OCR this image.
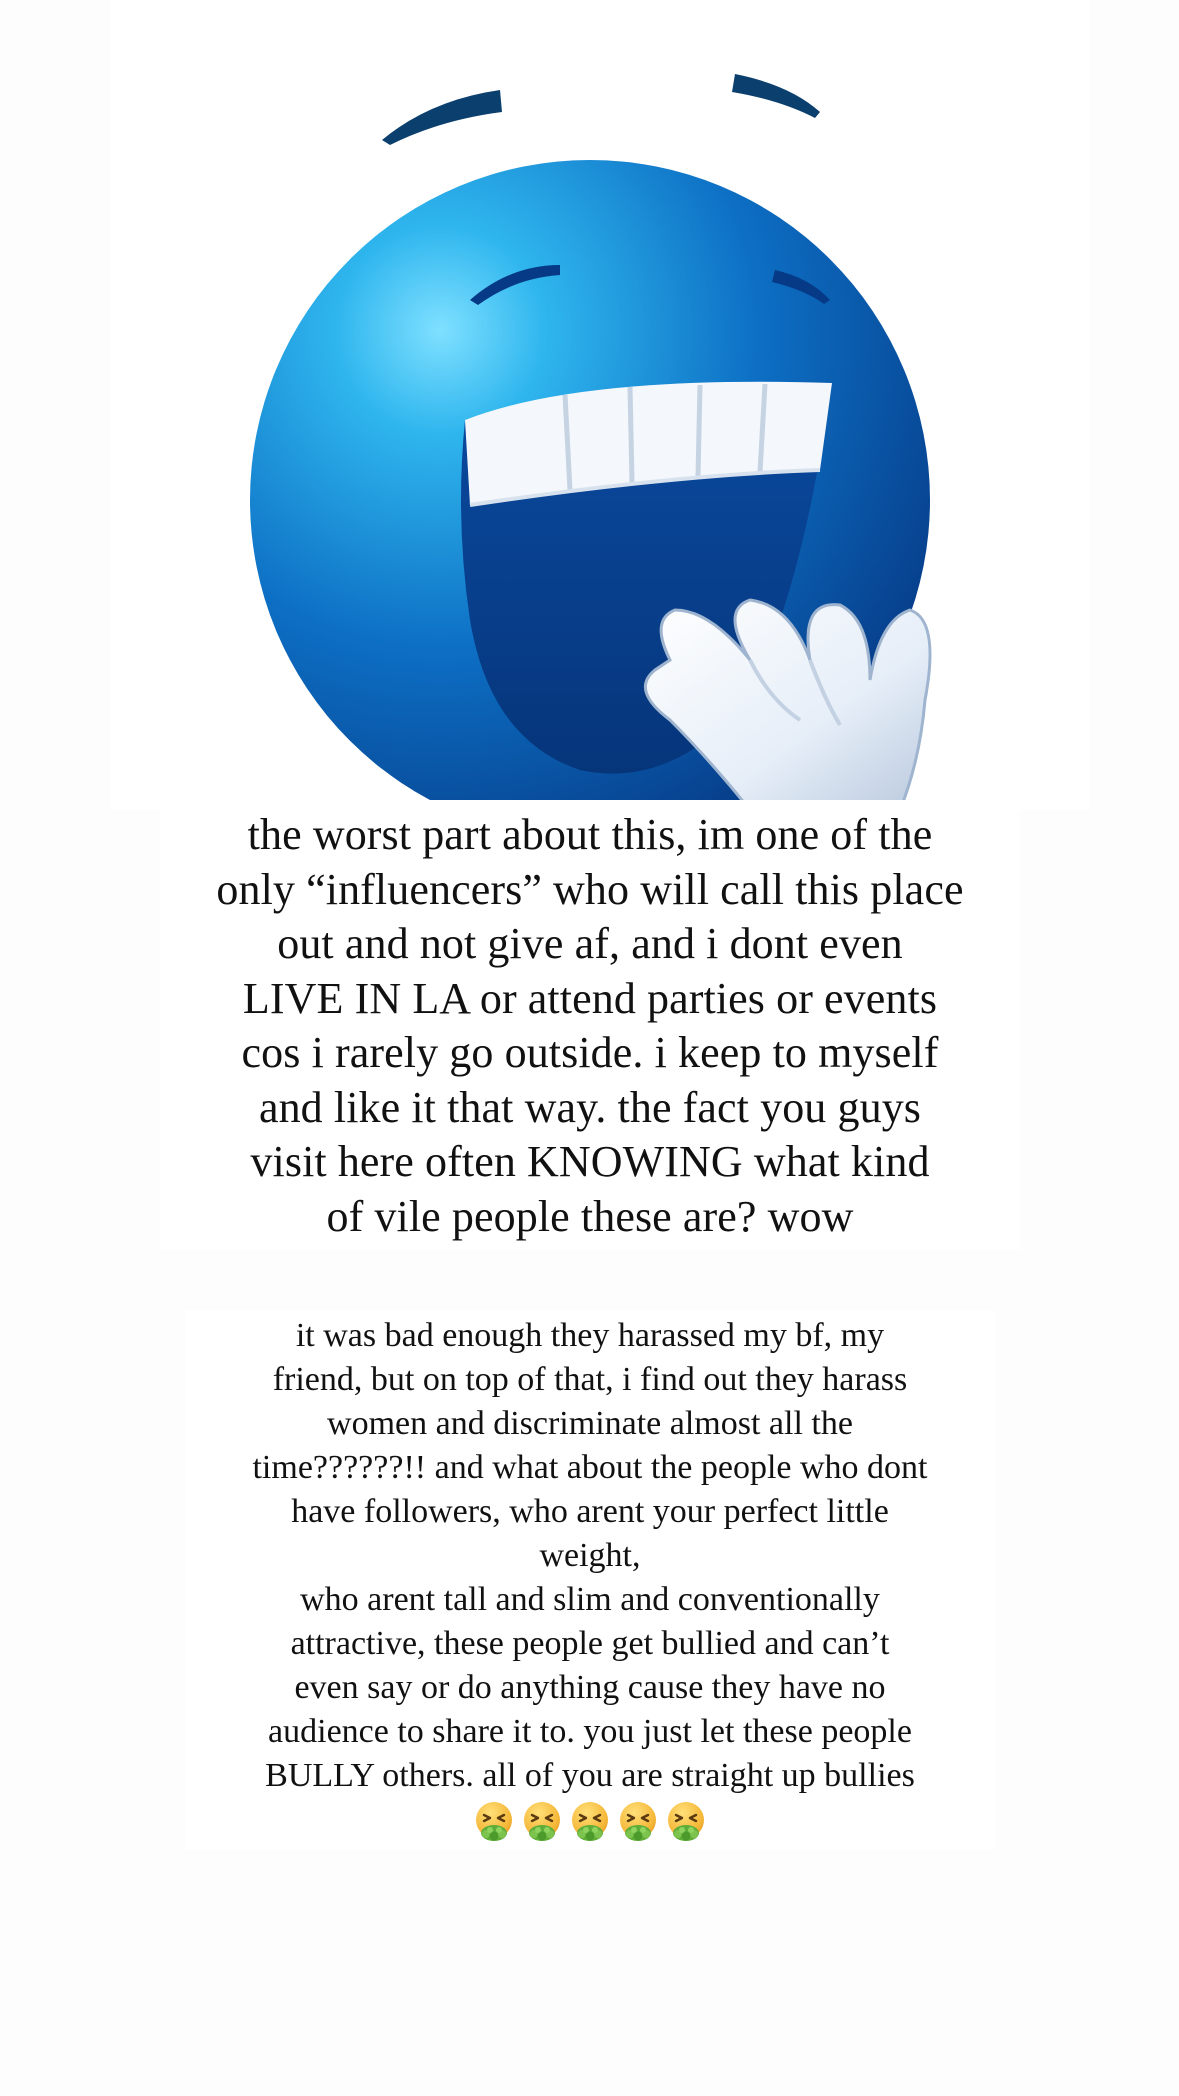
the worst part about this, im one of the
only “influencers” who will call this place
out and not give af, and i dont even
LIVE IN LA or attend parties or events
cos i rarely go outside. i keep to myself
and like it that way. the fact you guys
visit here often KNOWING what kind
of vile people these are? wow
it was bad enough they harassed my bf, my
friend, but on top of that, i find out they harass
women and discriminate almost all the
time??????!! and what about the people who dont
have followers, who arent your perfect little
weight,
who arent tall and slim and conventionally
attractive, these people get bullied and can’t
even say or do anything cause they have no
audience to share it to. you just let these people
BULLY others. all of you are straight up bullies
